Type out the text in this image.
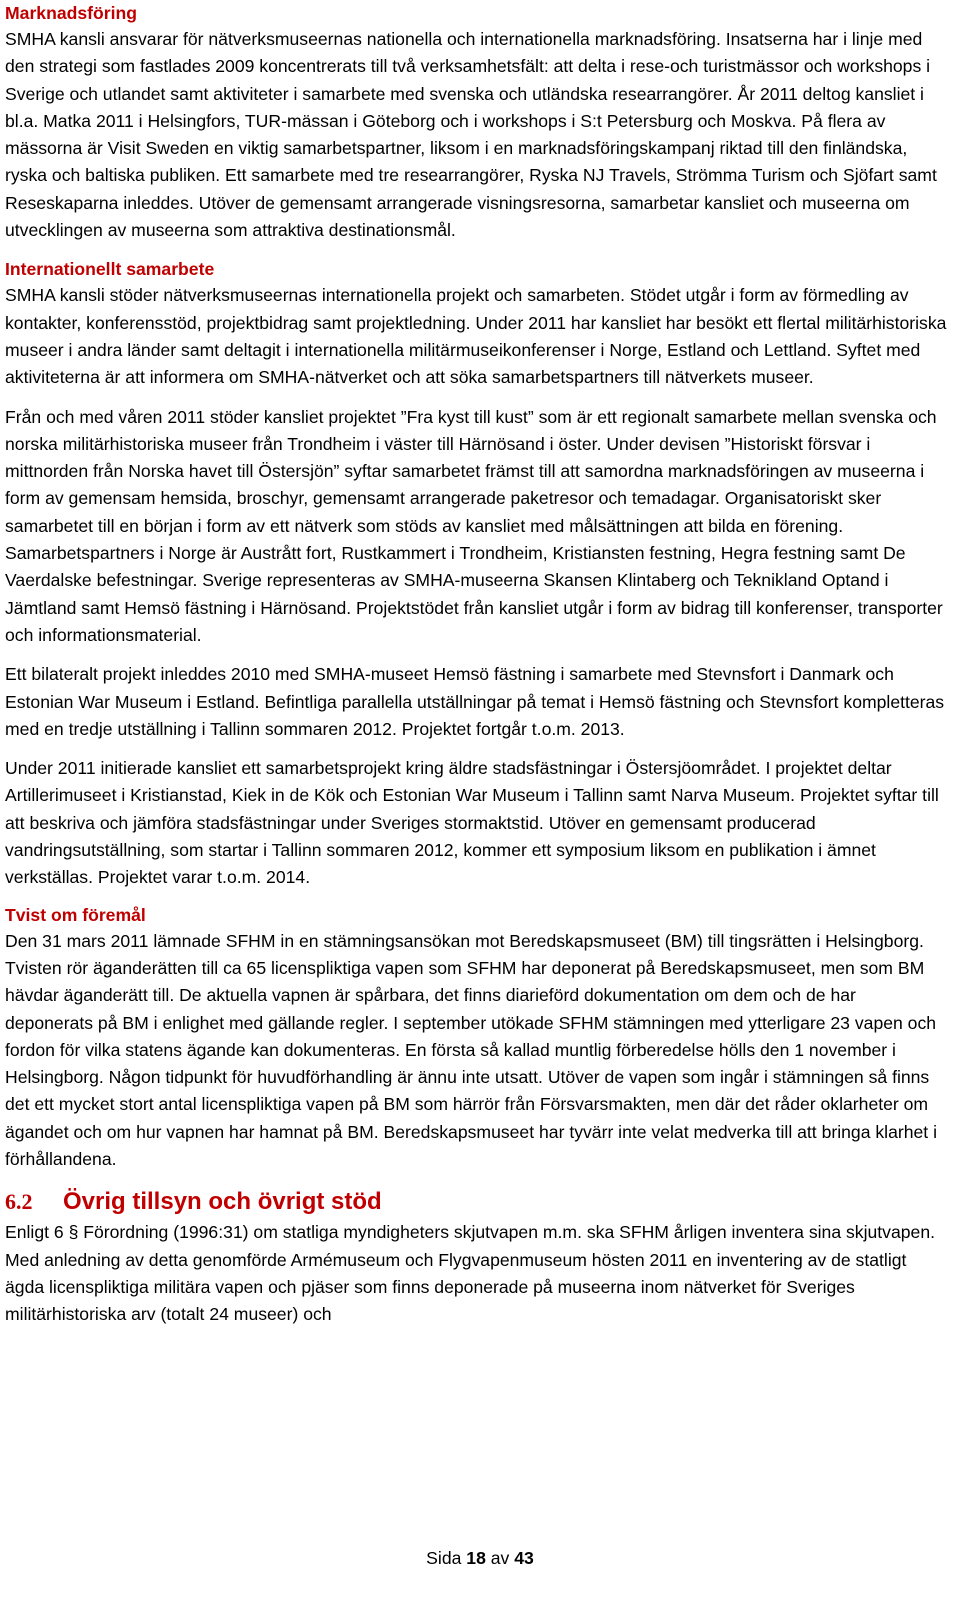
Marknadsföring

SMHA kansli ansvarar för nätverksmuseernas nationella och internationella marknadsföring. Insatserna har i linje med den strategi som fastlades 2009 koncentrerats till två verksamhetsfält: att delta i rese-och turistmässor och workshops i Sverige och utlandet samt aktiviteter i samarbete med svenska och utländska researrangörer. År 2011 deltog kansliet i bl.a. Matka 2011 i Helsingfors, TUR-mässan i Göteborg och i workshops i S:t Petersburg och Moskva. På flera av mässorna är Visit Sweden en viktig samarbetspartner, liksom i en marknadsföringskampanj riktad till den finländska, ryska och baltiska publiken. Ett samarbete med tre researrangörer, Ryska NJ Travels, Strömma Turism och Sjöfart samt Reseskaparna inleddes. Utöver de gemensamt arrangerade visningsresorna, samarbetar kansliet och museerna om utvecklingen av museerna som attraktiva destinationsmål.

Internationellt samarbete

SMHA kansli stöder nätverksmuseernas internationella projekt och samarbeten. Stödet utgår i form av förmedling av kontakter, konferensstöd, projektbidrag samt projektledning. Under 2011 har kansliet har besökt ett flertal militärhistoriska museer i andra länder samt deltagit i internationella militärmuseikonferenser i Norge, Estland och Lettland. Syftet med aktiviteterna är att informera om SMHA-nätverket och att söka samarbetspartners till nätverkets museer.

Från och med våren 2011 stöder kansliet projektet ”Fra kyst till kust” som är ett regionalt samarbete mellan svenska och norska militärhistoriska museer från Trondheim i väster till Härnösand i öster. Under devisen ”Historiskt försvar i mittnorden från Norska havet till Östersjön” syftar samarbetet främst till att samordna marknadsföringen av museerna i form av gemensam hemsida, broschyr, gemensamt arrangerade paketresor och temadagar. Organisatoriskt sker samarbetet till en början i form av ett nätverk som stöds av kansliet med målsättningen att bilda en förening. Samarbetspartners i Norge är Austrått fort, Rustkammert i Trondheim, Kristiansten festning, Hegra festning samt De Vaerdalske befestningar. Sverige representeras av SMHA-museerna Skansen Klintaberg och Teknikland Optand i Jämtland samt Hemsö fästning i Härnösand. Projektstödet från kansliet utgår i form av bidrag till konferenser, transporter och informationsmaterial.

Ett bilateralt projekt inleddes 2010 med SMHA-museet Hemsö fästning i samarbete med Stevnsfort i Danmark och Estonian War Museum i Estland. Befintliga parallella utställningar på temat i Hemsö fästning och Stevnsfort kompletteras med en tredje utställning i Tallinn sommaren 2012. Projektet fortgår t.o.m. 2013.

Under 2011 initierade kansliet ett samarbetsprojekt kring äldre stadsfästningar i Östersjöområdet. I projektet deltar Artillerimuseet i Kristianstad, Kiek in de Kök och Estonian War Museum i Tallinn samt Narva Museum. Projektet syftar till att beskriva och jämföra stadsfästningar under Sveriges stormaktstid. Utöver en gemensamt producerad vandringsutställning, som startar i Tallinn sommaren 2012, kommer ett symposium liksom en publikation i ämnet verkställas. Projektet varar t.o.m. 2014.

Tvist om föremål

Den 31 mars 2011 lämnade SFHM in en stämningsansökan mot Beredskapsmuseet (BM) till tingsrätten i Helsingborg. Tvisten rör äganderätten till ca 65 licenspliktiga vapen som SFHM har deponerat på Beredskapsmuseet, men som BM hävdar äganderätt till. De aktuella vapnen är spårbara, det finns diarieförd dokumentation om dem och de har deponerats på BM i enlighet med gällande regler. I september utökade SFHM stämningen med ytterligare 23 vapen och fordon för vilka statens ägande kan dokumenteras. En första så kallad muntlig förberedelse hölls den 1 november i Helsingborg. Någon tidpunkt för huvudförhandling är ännu inte utsatt. Utöver de vapen som ingår i stämningen så finns det ett mycket stort antal licenspliktiga vapen på BM som härrör från Försvarsmakten, men där det råder oklarheter om ägandet och om hur vapnen har hamnat på BM. Beredskapsmuseet har tyvärr inte velat medverka till att bringa klarhet i förhållandena.

6.2	Övrig tillsyn och övrigt stöd

Enligt 6 § Förordning (1996:31) om statliga myndigheters skjutvapen m.m. ska SFHM årligen inventera sina skjutvapen. Med anledning av detta genomförde Armémuseum och Flygvapenmuseum hösten 2011 en inventering av de statligt ägda licenspliktiga militära vapen och pjäser som finns deponerade på museerna inom nätverket för Sveriges militärhistoriska arv (totalt 24 museer) och

Sida 18 av 43
